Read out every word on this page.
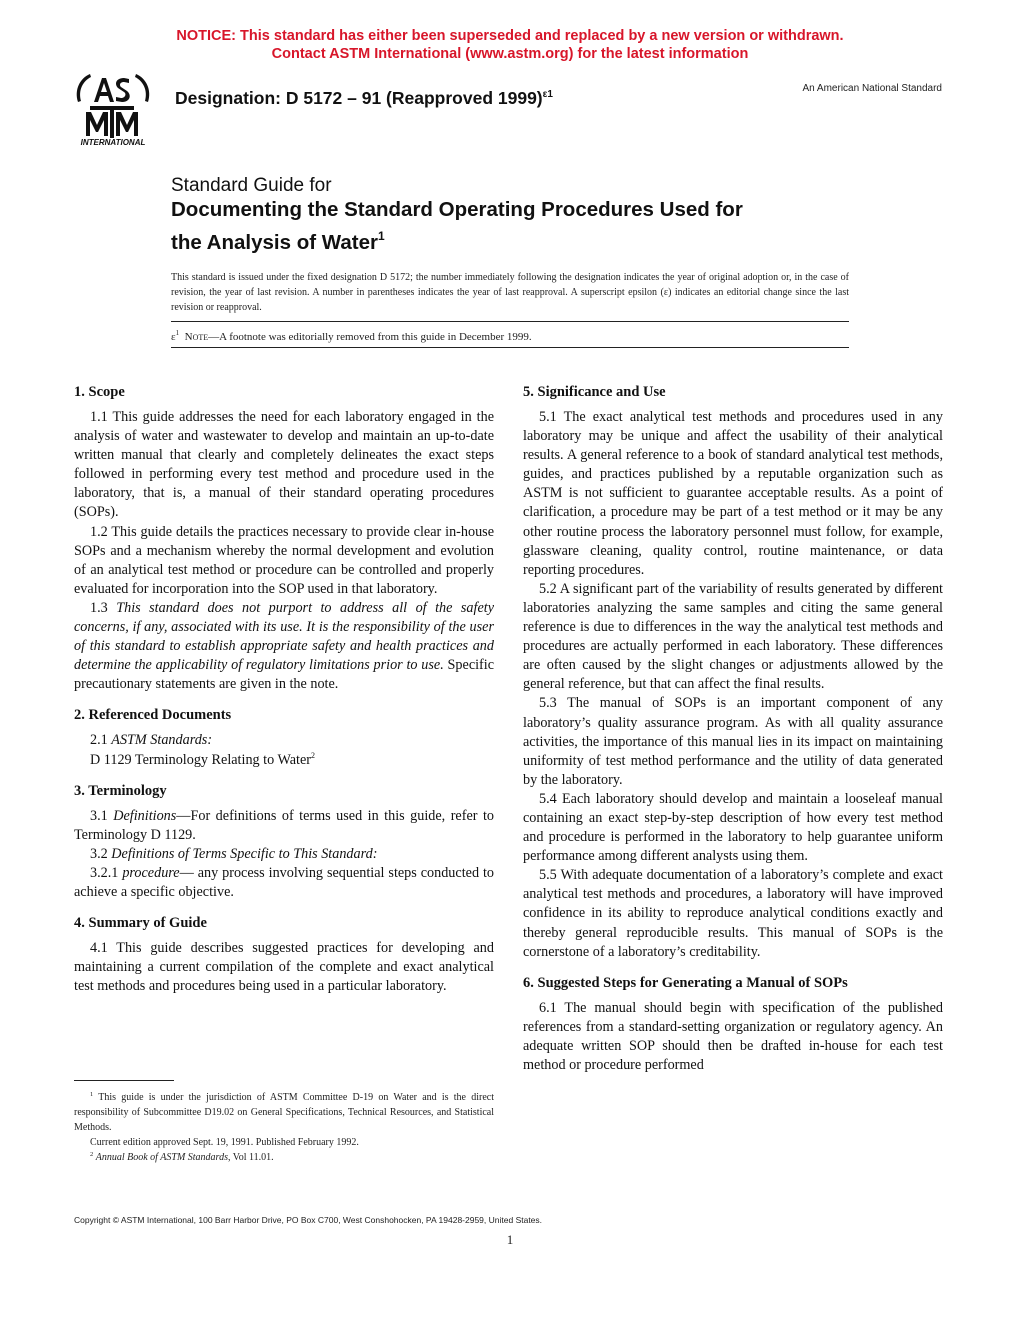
NOTICE: This standard has either been superseded and replaced by a new version or withdrawn.
Contact ASTM International (www.astm.org) for the latest information
INTERNATIONAL
Designation: D 5172 – 91 (Reapproved 1999)$^{\varepsilon 1}$
An American National Standard
Standard Guide for
Documenting the Standard Operating Procedures Used for
the Analysis of Water$^1$
This standard is issued under the fixed designation D 5172; the number immediately following the designation indicates the year of original adoption or, in the case of revision, the year of last revision. A number in parentheses indicates the year of last reapproval. A superscript epsilon (ε) indicates an editorial change since the last revision or reapproval.
$\varepsilon^1$ Note—A footnote was editorially removed from this guide in December 1999.
1. Scope

1.1 This guide addresses the need for each laboratory engaged in the analysis of water and wastewater to develop and maintain an up-to-date written manual that clearly and completely delineates the exact steps followed in performing every test method and procedure used in the laboratory, that is, a manual of their standard operating procedures (SOPs).

1.2 This guide details the practices necessary to provide clear in-house SOPs and a mechanism whereby the normal development and evolution of an analytical test method or procedure can be controlled and properly evaluated for incorporation into the SOP used in that laboratory.

1.3 This standard does not purport to address all of the safety concerns, if any, associated with its use. It is the responsibility of the user of this standard to establish appropriate safety and health practices and determine the applicability of regulatory limitations prior to use. Specific precautionary statements are given in the note.

2. Referenced Documents

2.1 ASTM Standards:

D 1129 Terminology Relating to Water$^2$

3. Terminology

3.1 Definitions—For definitions of terms used in this guide, refer to Terminology D 1129.

3.2 Definitions of Terms Specific to This Standard:

3.2.1 procedure— any process involving sequential steps conducted to achieve a specific objective.

4. Summary of Guide

4.1 This guide describes suggested practices for developing and maintaining a current compilation of the complete and exact analytical test methods and procedures being used in a particular laboratory.

5. Significance and Use

5.1 The exact analytical test methods and procedures used in any laboratory may be unique and affect the usability of their analytical results. A general reference to a book of standard analytical test methods, guides, and practices published by a reputable organization such as ASTM is not sufficient to guarantee acceptable results. As a point of clarification, a procedure may be part of a test method or it may be any other routine process the laboratory personnel must follow, for example, glassware cleaning, quality control, routine maintenance, or data reporting procedures.

5.2 A significant part of the variability of results generated by different laboratories analyzing the same samples and citing the same general reference is due to differences in the way the analytical test methods and procedures are actually performed in each laboratory. These differences are often caused by the slight changes or adjustments allowed by the general reference, but that can affect the final results.

5.3 The manual of SOPs is an important component of any laboratory’s quality assurance program. As with all quality assurance activities, the importance of this manual lies in its impact on maintaining uniformity of test method performance and the utility of data generated by the laboratory.

5.4 Each laboratory should develop and maintain a looseleaf manual containing an exact step-by-step description of how every test method and procedure is performed in the laboratory to help guarantee uniform performance among different analysts using them.

5.5 With adequate documentation of a laboratory’s complete and exact analytical test methods and procedures, a laboratory will have improved confidence in its ability to reproduce analytical conditions exactly and thereby general reproducible results. This manual of SOPs is the cornerstone of a laboratory’s creditability.

6. Suggested Steps for Generating a Manual of SOPs

6.1 The manual should begin with specification of the published references from a standard-setting organization or regulatory agency. An adequate written SOP should then be drafted in-house for each test method or procedure performed

$^1$ This guide is under the jurisdiction of ASTM Committee D-19 on Water and is the direct responsibility of Subcommittee D19.02 on General Specifications, Technical Resources, and Statistical Methods.

Current edition approved Sept. 19, 1991. Published February 1992.

$^2$ Annual Book of ASTM Standards, Vol 11.01.

Copyright © ASTM International, 100 Barr Harbor Drive, PO Box C700, West Conshohocken, PA 19428-2959, United States.
1
